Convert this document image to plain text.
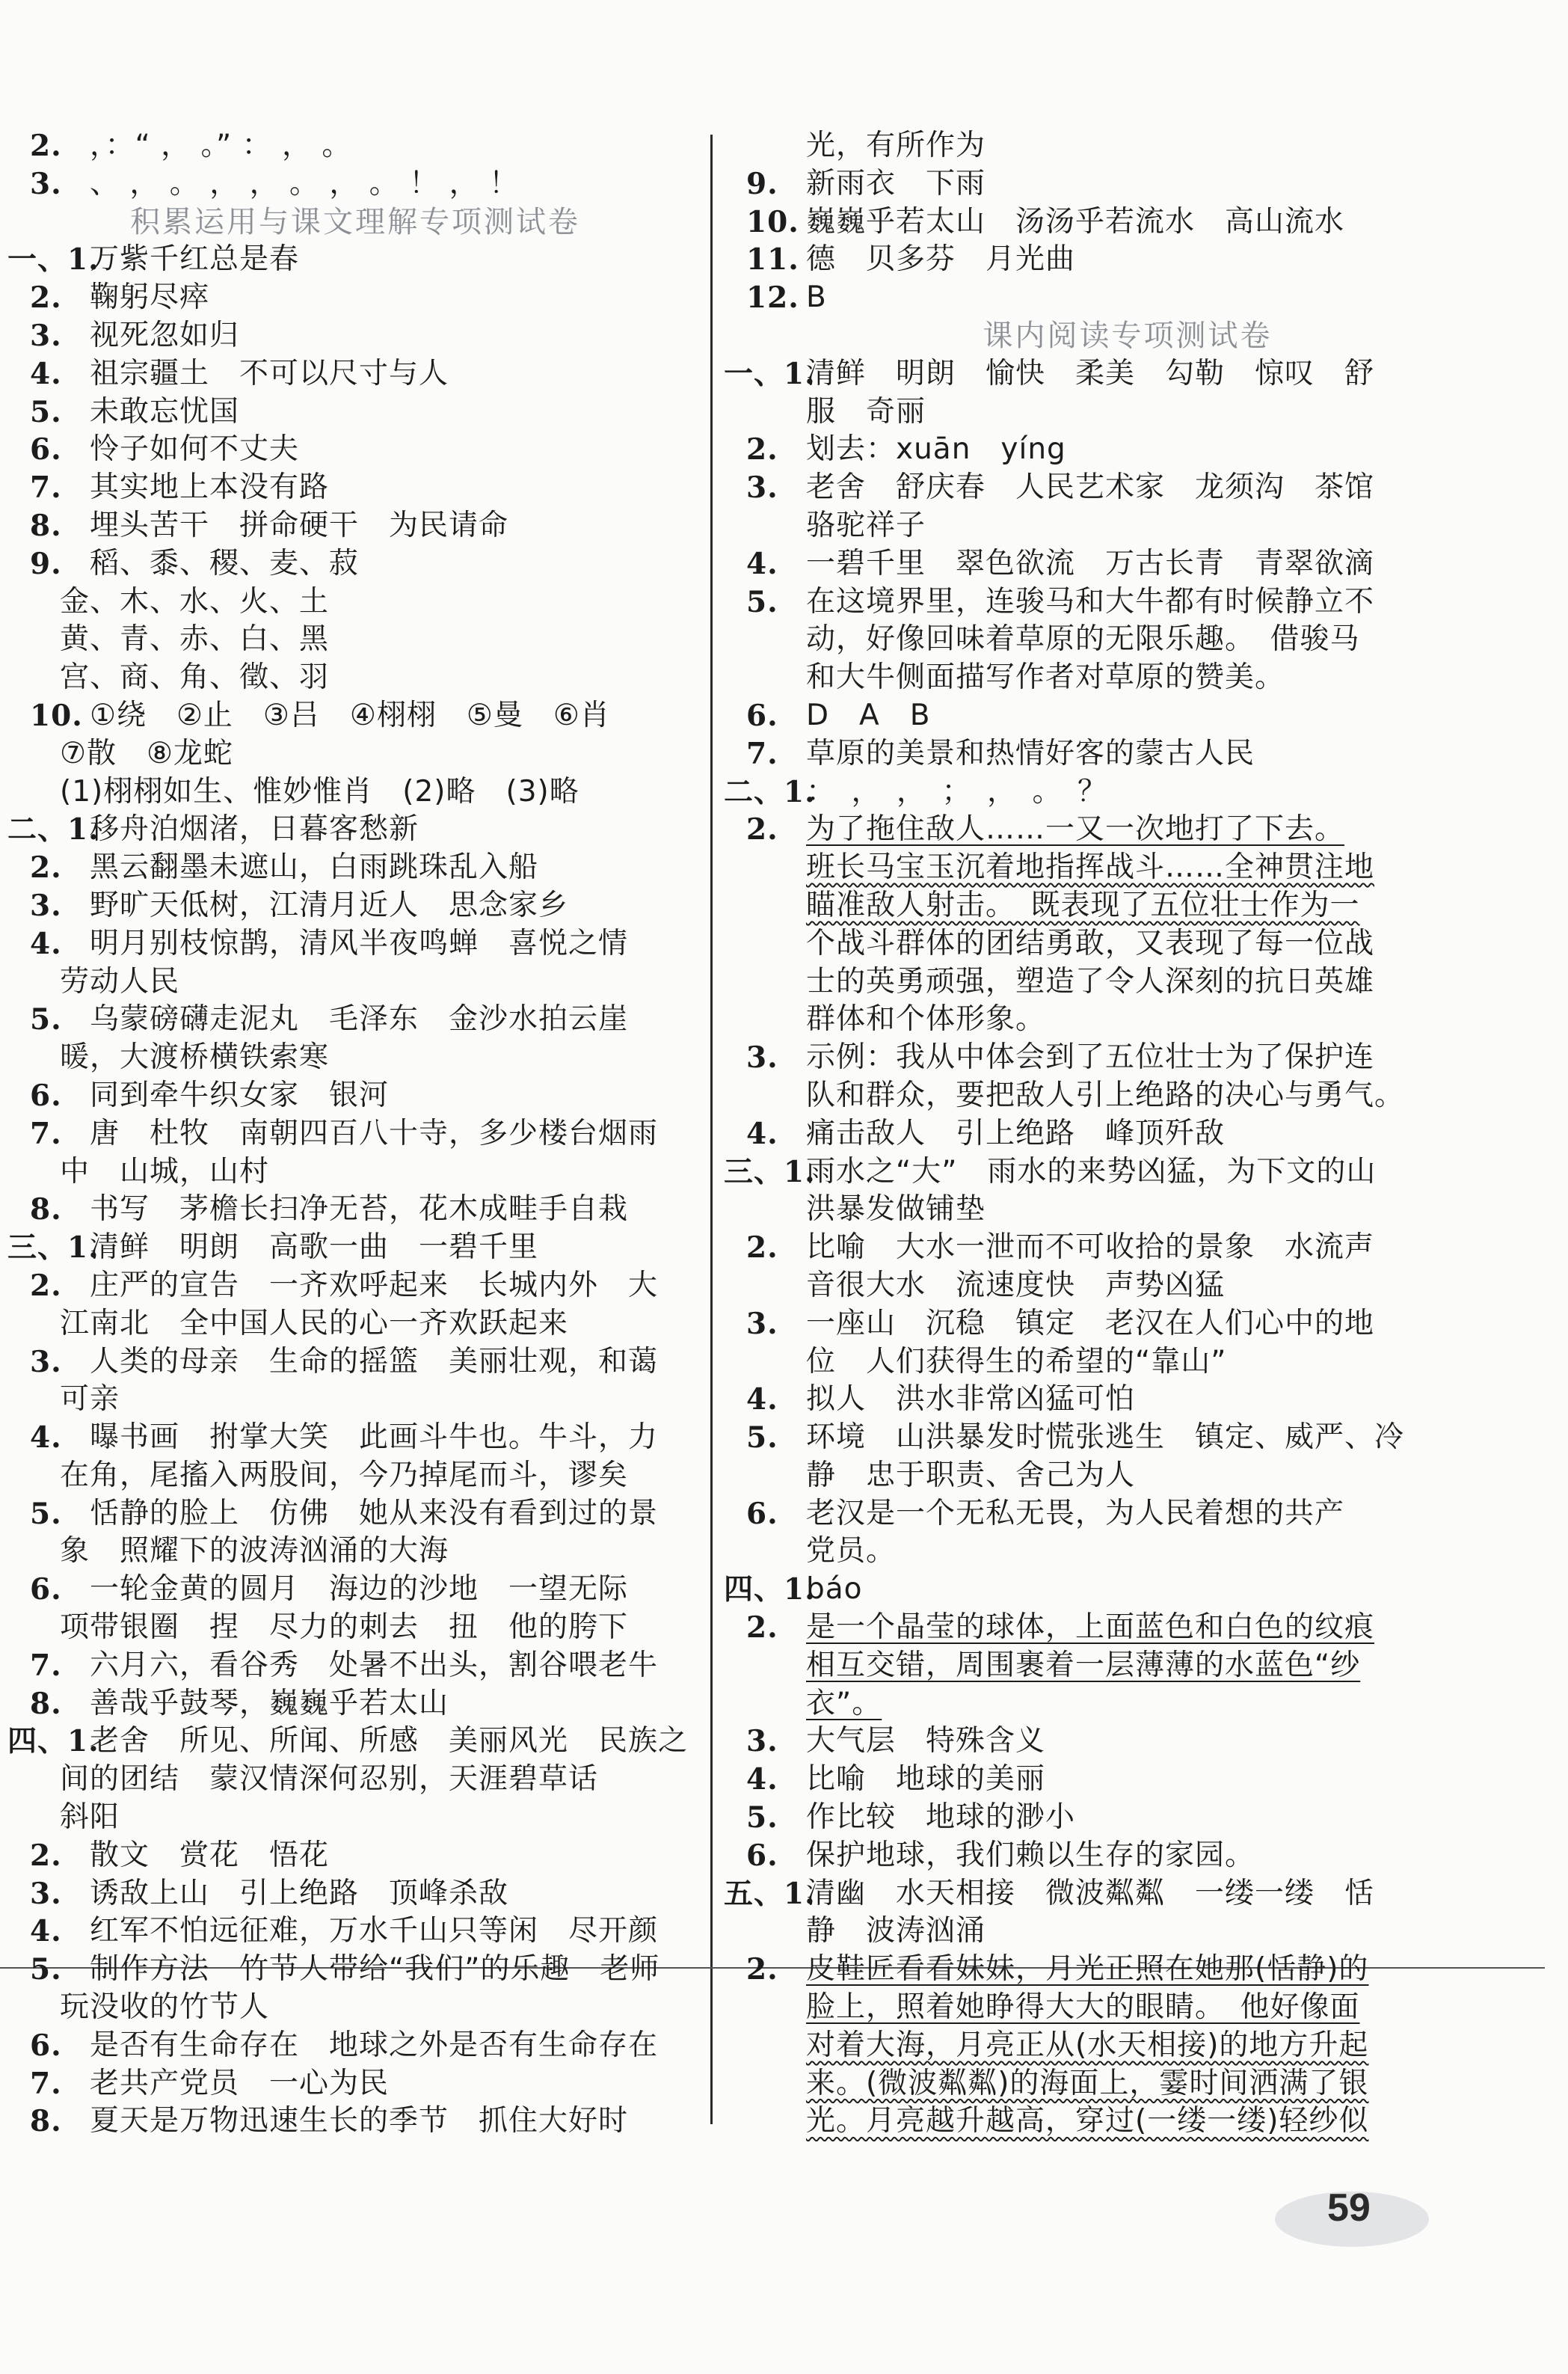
2. ，：“ ， 。” ： ， 。
3. 、 ， 。 ， ， 。 ， 。 ！ ， ！
积累运用与课文理解专项测试卷
一、1.
万紫千红总是春
2. 鞠躬尽瘁
3. 视死忽如归
4. 祖宗疆土　不可以尺寸与人
5. 未敢忘忧国
6. 怜子如何不丈夫
7. 其实地上本没有路
8. 埋头苦干　拼命硬干　为民请命
9. 稻、黍、稷、麦、菽
金、木、水、火、土
黄、青、赤、白、黑
宫、商、角、徵、羽
10. ①绕　②止　③吕　④栩栩　⑤曼　⑥肖
⑦散　⑧龙蛇
(1)栩栩如生、惟妙惟肖　(2)略　(3)略
二、1.
移舟泊烟渚，日暮客愁新
2. 黑云翻墨未遮山，白雨跳珠乱入船
3. 野旷天低树，江清月近人　思念家乡
4. 明月别枝惊鹊，清风半夜鸣蝉　喜悦之情
劳动人民
5. 乌蒙磅礴走泥丸　毛泽东　金沙水拍云崖
暖，大渡桥横铁索寒
6. 同到牵牛织女家　银河
7. 唐　杜牧　南朝四百八十寺，多少楼台烟雨
中　山城，山村
8. 书写　茅檐长扫净无苔，花木成畦手自栽
三、1.
清鲜　明朗　高歌一曲　一碧千里
2. 庄严的宣告　一齐欢呼起来　长城内外　大
江南北　全中国人民的心一齐欢跃起来
3. 人类的母亲　生命的摇篮　美丽壮观，和蔼
可亲
4. 曝书画　拊掌大笑　此画斗牛也。牛斗，力
在角，尾搐入两股间，今乃掉尾而斗，谬矣
5. 恬静的脸上　仿佛　她从来没有看到过的景
象　照耀下的波涛汹涌的大海
6. 一轮金黄的圆月　海边的沙地　一望无际
项带银圈　捏　尽力的刺去　扭　他的胯下
7. 六月六，看谷秀　处暑不出头，割谷喂老牛
8. 善哉乎鼓琴，巍巍乎若太山
四、1.
老舍　所见、所闻、所感　美丽风光　民族之
间的团结　蒙汉情深何忍别，天涯碧草话
斜阳
2. 散文　赏花　悟花
3. 诱敌上山　引上绝路　顶峰杀敌
4. 红军不怕远征难，万水千山只等闲　尽开颜
5. 制作方法　竹节人带给“我们”的乐趣　老师
玩没收的竹节人
6. 是否有生命存在　地球之外是否有生命存在
7. 老共产党员　一心为民
8. 夏天是万物迅速生长的季节　抓住大好时
光，有所作为
9. 新雨衣　下雨
10. 巍巍乎若太山　汤汤乎若流水　高山流水
11. 德　贝多芬　月光曲
12. B
课内阅读专项测试卷
一、1.
清鲜　明朗　愉快　柔美　勾勒　惊叹　舒
服　奇丽
2. 划去：xuān　yíng
3. 老舍　舒庆春　人民艺术家　龙须沟　茶馆
骆驼祥子
4. 一碧千里　翠色欲流　万古长青　青翠欲滴
5. 在这境界里，连骏马和大牛都有时候静立不
动，好像回味着草原的无限乐趣。　借骏马
和大牛侧面描写作者对草原的赞美。
6. D　A　B
7. 草原的美景和热情好客的蒙古人民
二、1.
：　，　，　；　，　。　？
2. 为了拖住敌人……一又一次地打了下去。
班长马宝玉沉着地指挥战斗……全神贯注地
瞄准敌人射击。　既表现了五位壮士作为一
个战斗群体的团结勇敢，又表现了每一位战
士的英勇顽强，塑造了令人深刻的抗日英雄
群体和个体形象。
3. 示例：我从中体会到了五位壮士为了保护连
队和群众，要把敌人引上绝路的决心与勇气。
4. 痛击敌人　引上绝路　峰顶歼敌
三、1.
雨水之“大”　雨水的来势凶猛，为下文的山
洪暴发做铺垫
2. 比喻　大水一泄而不可收拾的景象　水流声
音很大水　流速度快　声势凶猛
3. 一座山　沉稳　镇定　老汉在人们心中的地
位　人们获得生的希望的“靠山”
4. 拟人　洪水非常凶猛可怕
5. 环境　山洪暴发时慌张逃生　镇定、威严、冷
静　忠于职责、舍己为人
6. 老汉是一个无私无畏，为人民着想的共产
党员。
四、1.
báo
2. 是一个晶莹的球体，上面蓝色和白色的纹痕
相互交错，周围裹着一层薄薄的水蓝色“纱
衣”。
3. 大气层　特殊含义
4. 比喻　地球的美丽
5. 作比较　地球的渺小
6. 保护地球，我们赖以生存的家园。
五、1.
清幽　水天相接　微波粼粼　一缕一缕　恬
静　波涛汹涌
2. 皮鞋匠看看妹妹，月光正照在她那(恬静)的
脸上，照着她睁得大大的眼睛。　他好像面
对着大海，月亮正从(水天相接)的地方升起
来。(微波粼粼)的海面上，霎时间洒满了银
光。月亮越升越高，穿过(一缕一缕)轻纱似
59
